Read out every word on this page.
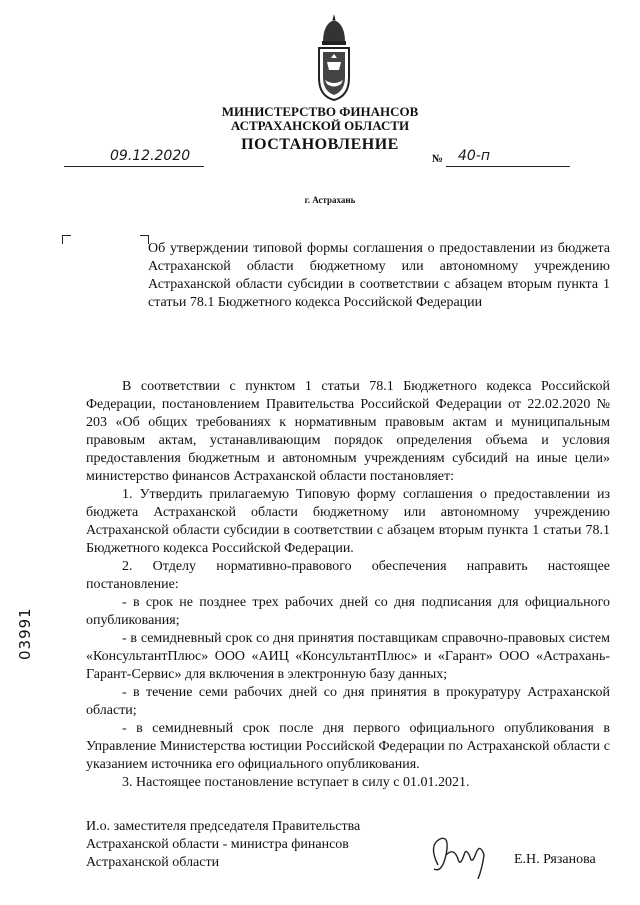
МИНИСТЕРСТВО ФИНАНСОВ
АСТРАХАНСКОЙ ОБЛАСТИ
ПОСТАНОВЛЕНИЕ
09.12.2020	№ 40-п
г. Астрахань
Об утверждении типовой формы соглашения о предоставлении из бюджета Астраханской области бюджетному или автономному учреждению Астраханской области субсидии в соответствии с абзацем вторым пункта 1 статьи 78.1 Бюджетного кодекса Российской Федерации

В соответствии с пунктом 1 статьи 78.1 Бюджетного кодекса Российской Федерации, постановлением Правительства Российской Федерации от 22.02.2020 № 203 «Об общих требованиях к нормативным правовым актам и муниципальным правовым актам, устанавливающим порядок определения объема и условия предоставления бюджетным и автономным учреждениям субсидий на иные цели» министерство финансов Астраханской области постановляет:

1. Утвердить прилагаемую Типовую форму соглашения о предоставлении из бюджета Астраханской области бюджетному или автономному учреждению Астраханской области субсидии в соответствии с абзацем вторым пункта 1 статьи 78.1 Бюджетного кодекса Российской Федерации.

2. Отделу нормативно-правового обеспечения направить настоящее постановление:

- в срок не позднее трех рабочих дней со дня подписания для официального опубликования;

- в семидневный срок со дня принятия поставщикам справочно-правовых систем «КонсультантПлюс» ООО «АИЦ «КонсультантПлюс» и «Гарант» ООО «Астрахань-Гарант-Сервис» для включения в электронную базу данных;

- в течение семи рабочих дней со дня принятия в прокуратуру Астраханской области;

- в семидневный срок после дня первого официального опубликования в Управление Министерства юстиции Российской Федерации по Астраханской области с указанием источника его официального опубликования.

3. Настоящее постановление вступает в силу с 01.01.2021.

И.о. заместителя председателя Правительства
Астраханской области - министра финансов
Астраханской области	Е.Н. Рязанова
03991
